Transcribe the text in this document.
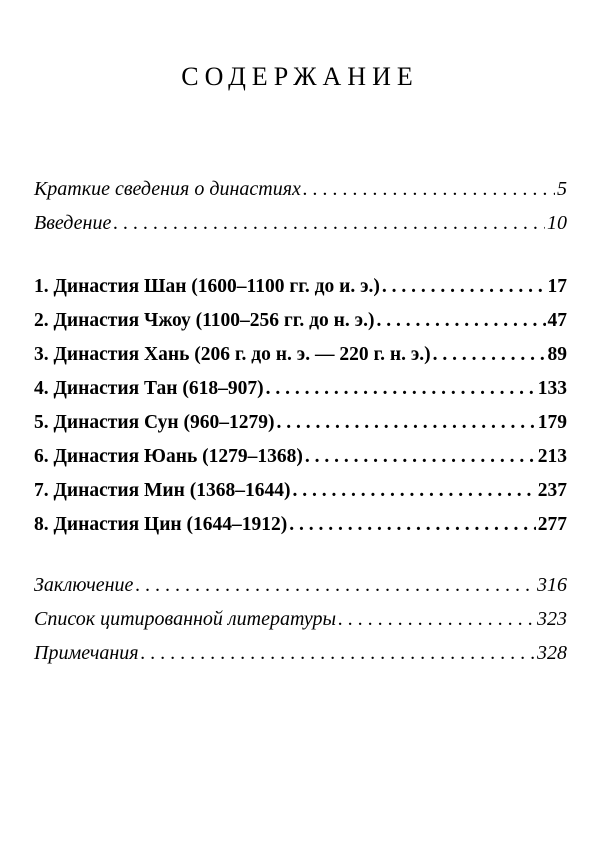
СОДЕРЖАНИЕ
Краткие сведения о династиях . . .	5
Введение . . .	10
1. Династия Шан (1600–1100 гг. до и. э.) . . .	17
2. Династия Чжоу (1100–256 гг. до н. э.) . . .	47
3. Династия Хань (206 г. до н. э. — 220 г. н. э.) . . .	89
4. Династия Тан (618–907) . . .	133
5. Династия Сун (960–1279) . . .	179
6. Династия Юань (1279–1368) . . .	213
7. Династия Мин (1368–1644) . . .	237
8. Династия Цин (1644–1912) . . .	277
Заключение . . .	316
Список цитированной литературы . . .	323
Примечания . . .	328
